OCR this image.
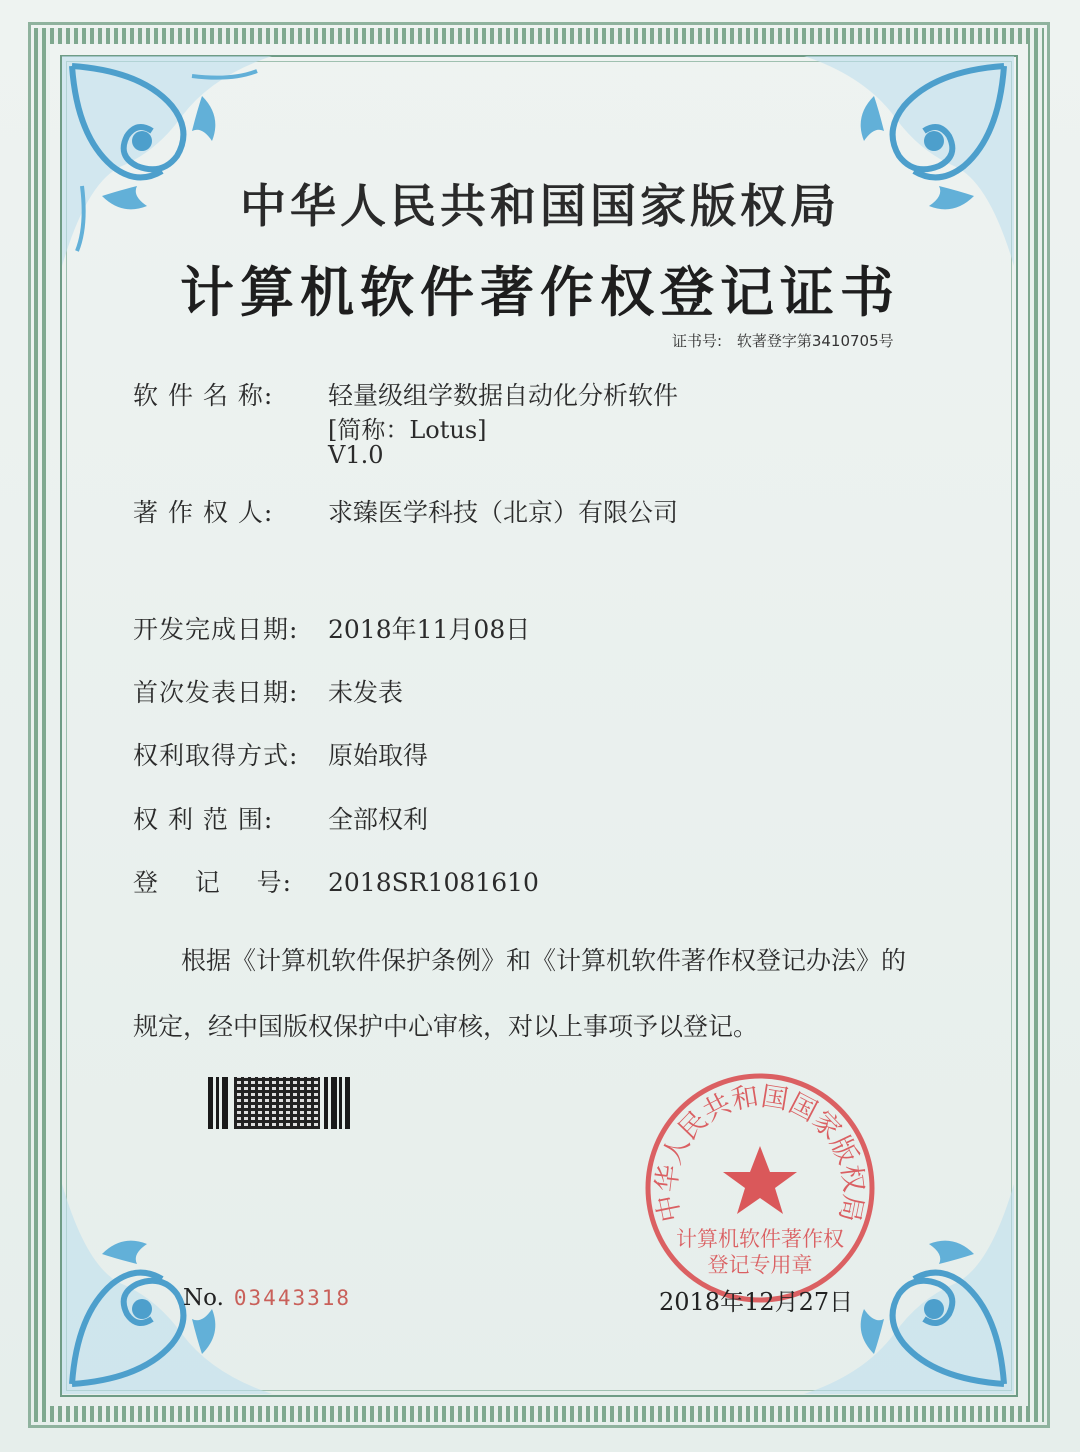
中华人民共和国国家版权局
计算机软件著作权登记证书
证书号: 软著登字第3410705号
软 件 名 称: 轻量级组学数据自动化分析软件
[简称：Lotus]
V1.0
著 作 权 人: 求臻医学科技（北京）有限公司
开发完成日期: 2018年11月08日
首次发表日期: 未发表
权利取得方式: 原始取得
权 利 范 围: 全部权利
登    记    号: 2018SR1081610
根据《计算机软件保护条例》和《计算机软件著作权登记办法》的
规定，经中国版权保护中心审核，对以上事项予以登记。
中华人民共和国国家版权局
计算机软件著作权
登记专用章
No. 03443318	2018年12月27日
